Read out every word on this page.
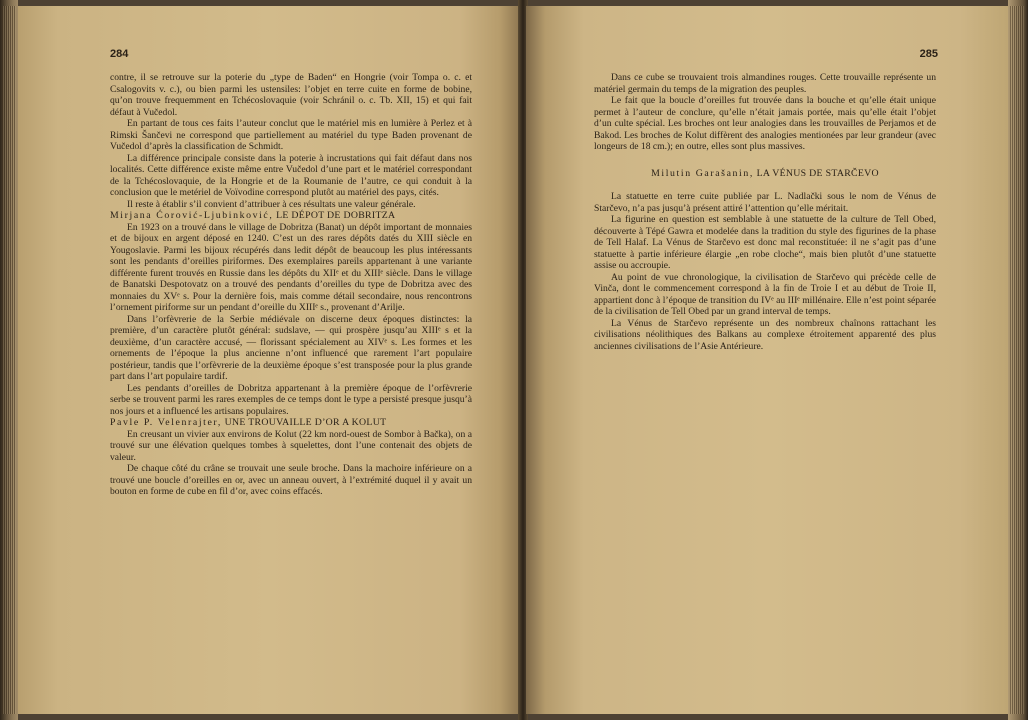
284

contre, il se retrouve sur la poterie du „type de Baden“ en Hongrie (voir Tompa o. c. et Csalogovits v. c.), ou bien parmi les ustensiles: l’objet en terre cuite en forme de bobine, qu’on trouve frequemment en Tchécoslovaquie (voir Schránil o. c. Tb. XII, 15) et qui fait défaut à Vučedol.

En partant de tous ces faits l’auteur conclut que le matériel mis en lumière à Perlez et à Rimski Šančevi ne correspond que partiellement au matériel du type Baden provenant de Vučedol d’après la classification de Schmidt.

La différence principale consiste dans la poterie à incrustations qui fait défaut dans nos localités. Cette différence existe même entre Vučedol d’une part et le matériel correspondant de la Tchécoslovaquie, de la Hongrie et de la Roumanie de l’autre, ce qui conduit à la conclusion que le metériel de Voïvodine correspond plutôt au matériel des pays, cités.

Il reste à établir s’il convient d’attribuer à ces résultats une valeur générale.

Mirjana Ćorović-Ljubinković, LE DÉPOT DE DOBRITZA

En 1923 on a trouvé dans le village de Dobritza (Banat) un dépôt important de monnaies et de bijoux en argent déposé en 1240. C’est un des rares dépôts datés du XIII siècle en Yougoslavie. Parmi les bijoux récupérés dans ledit dépôt de beaucoup les plus intéressants sont les pendants d’oreilles piriformes. Des exemplaires pareils appartenant à une variante différente furent trouvés en Russie dans les dépôts du XIIᵉ et du XIIIᵉ siècle. Dans le village de Banatski Despotovatz on a trouvé des pendants d’oreilles du type de Dobritza avec des monnaies du XVᵉ s. Pour la dernière fois, mais comme détail secondaire, nous rencontrons l’ornement piriforme sur un pendant d’oreille du XIIIᵉ s., provenant d’Arilje.

Dans l’orfèvrerie de la Serbie médiévale on discerne deux époques distinctes: la première, d’un caractère plutôt général: sudslave, — qui prospère jusqu’au XIIIᵉ s et la deuxième, d’un caractère accusé, — florissant spécialement au XIVᵉ s. Les formes et les ornements de l’époque la plus ancienne n’ont influencé que rarement l’art populaire postérieur, tandis que l’orfèvrerie de la deuxième époque s’est transposée pour la plus grande part dans l’art populaire tardif.

Les pendants d’oreilles de Dobritza appartenant à la première époque de l’orfèvrerie serbe se trouvent parmi les rares exemples de ce temps dont le type a persisté presque jusqu’à nos jours et a influencé les artisans populaires.

Pavle P. Velenrajter, UNE TROUVAILLE D’OR A KOLUT

En creusant un vivier aux environs de Kolut (22 km nord-ouest de Sombor à Bačka), on a trouvé sur une élévation quelques tombes à squelettes, dont l’une contenait des objets de valeur.

De chaque côté du crâne se trouvait une seule broche. Dans la machoire inférieure on a trouvé une boucle d’oreilles en or, avec un anneau ouvert, à l’extrémité duquel il y avait un bouton en forme de cube en fil d’or, avec coins effacés.

285

Dans ce cube se trouvaient trois almandines rouges. Cette trouvaille représente un matériel germain du temps de la migration des peuples.

Le fait que la boucle d’oreilles fut trouvée dans la bouche et qu’elle était unique permet à l’auteur de conclure, qu’elle n’était jamais portée, mais qu’elle était l’objet d’un culte spécial. Les broches ont leur analogies dans les trouvailles de Perjamos et de Bakod. Les broches de Kolut diffèrent des analogies mentionées par leur grandeur (avec longeurs de 18 cm.); en outre, elles sont plus massives.

Milutin Garašanin, LA VÉNUS DE STARČEVO

La statuette en terre cuite publiée par L. Nadlački sous le nom de Vénus de Starčevo, n’a pas jusqu’à présent attiré l’attention qu’elle méritait.

La figurine en question est semblable à une statuette de la culture de Tell Obed, découverte à Tépé Gawra et modelée dans la tradition du style des figurines de la phase de Tell Halaf. La Vénus de Starčevo est donc mal reconstituée: il ne s’agit pas d’une statuette à partie inférieure élargie „en robe cloche“, mais bien plutôt d’une statuette assise ou accroupie.

Au point de vue chronologique, la civilisation de Starčevo qui précède celle de Vinča, dont le commencement correspond à la fin de Troie I et au début de Troie II, appartient donc à l’époque de transition du IVᵉ au IIIᵉ millénaire. Elle n’est point séparée de la civilisation de Tell Obed par un grand interval de temps.

La Vénus de Starčevo représente un des nombreux chaînons rattachant les civilisations néolithiques des Balkans au complexe étroitement apparenté des plus anciennes civilisations de l’Asie Antérieure.
